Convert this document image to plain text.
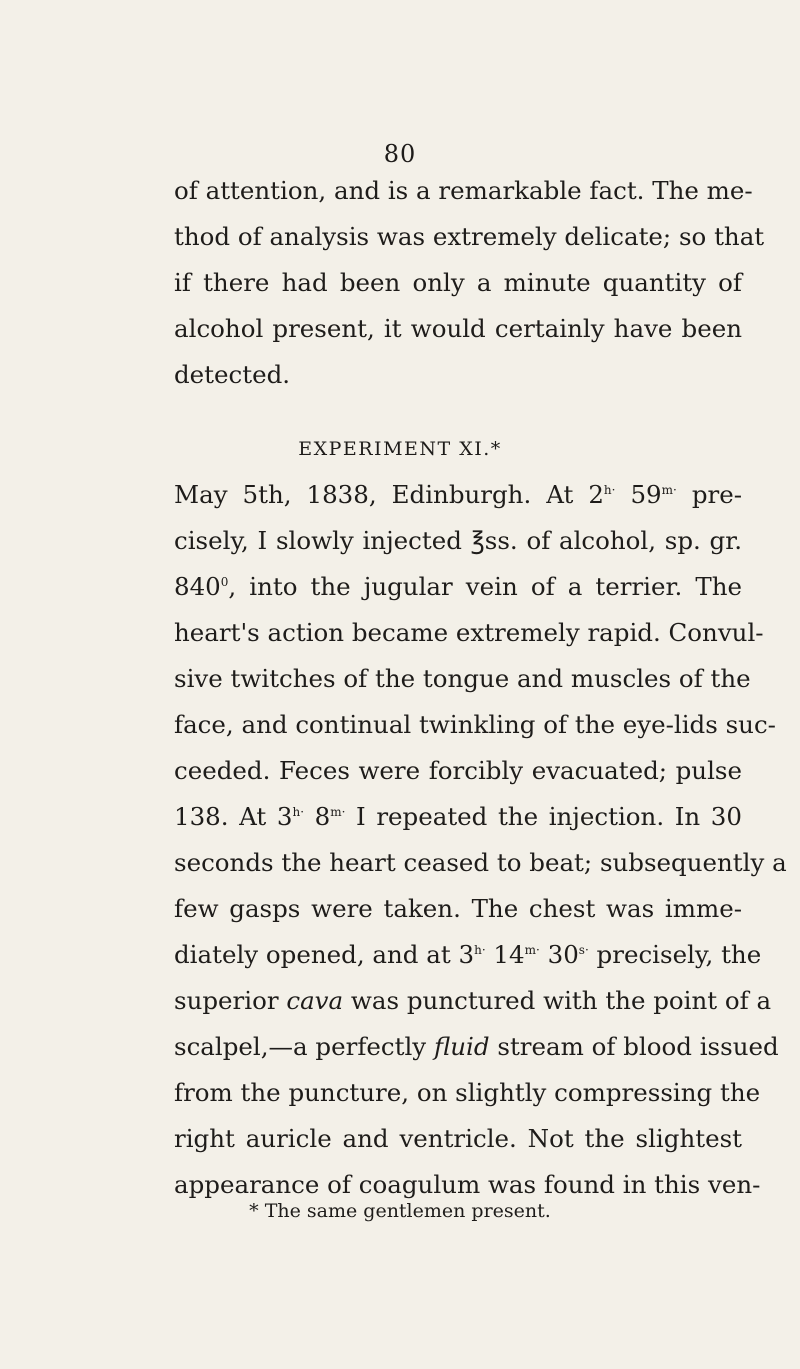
80
of attention, and is a remarkable fact. The me-
thod of analysis was extremely delicate; so that
if there had been only a minute quantity of
alcohol present, it would certainly have been
detected.
EXPERIMENT XI.*
May 5th, 1838, Edinburgh. At $2^{h\cdot}$ $59^{m\cdot}$ pre-
cisely, I slowly injected ℥ss. of alcohol, sp. gr.
$840^0$, into the jugular vein of a terrier. The
heart's action became extremely rapid. Convul-
sive twitches of the tongue and muscles of the
face, and continual twinkling of the eye-lids suc-
ceeded. Feces were forcibly evacuated; pulse
138. At $3^{h\cdot}$ $8^{m\cdot}$ I repeated the injection. In 30
seconds the heart ceased to beat; subsequently a
few gasps were taken. The chest was imme-
diately opened, and at $3^{h\cdot}$ $14^{m\cdot}$ $30^{s\cdot}$ precisely, the
superior cava was punctured with the point of a
scalpel,—a perfectly fluid stream of blood issued
from the puncture, on slightly compressing the
right auricle and ventricle. Not the slightest
appearance of coagulum was found in this ven-
* The same gentlemen present.
